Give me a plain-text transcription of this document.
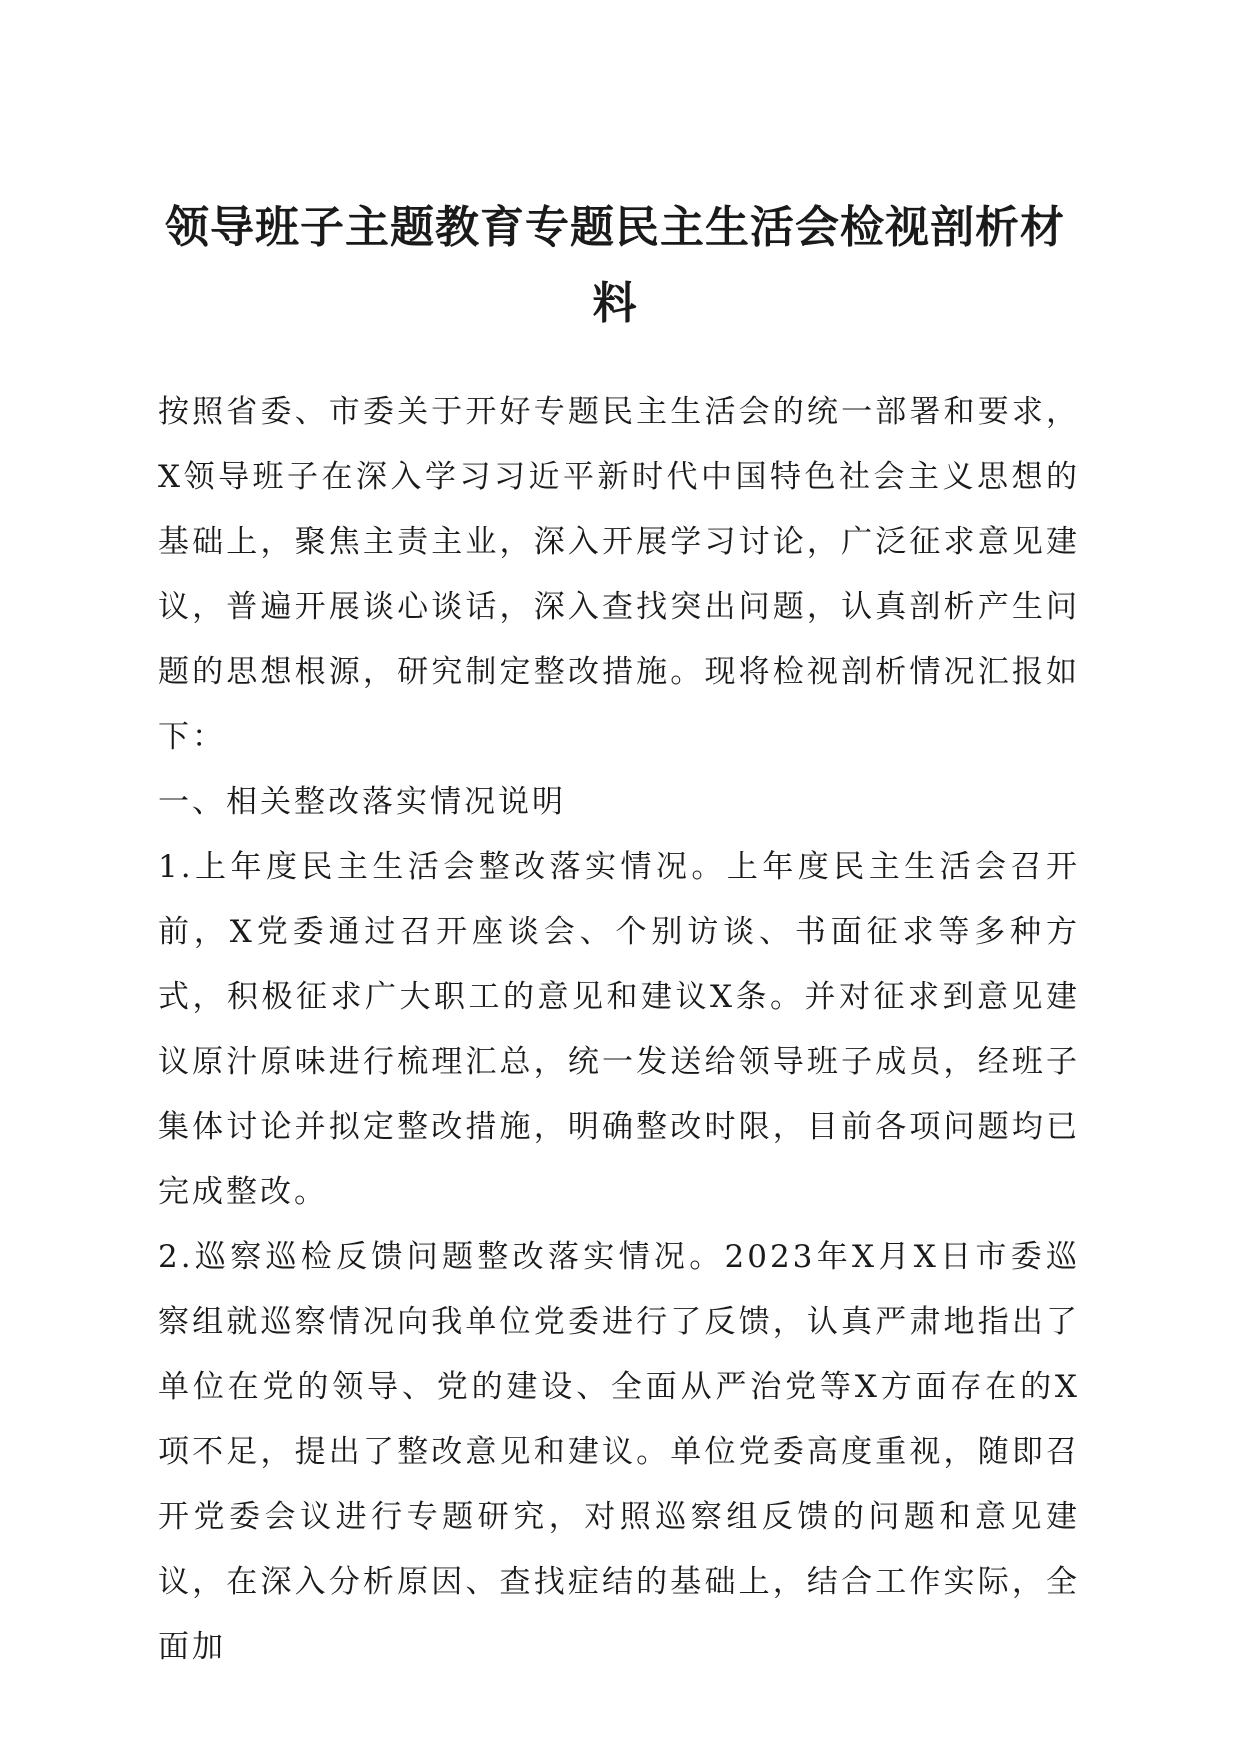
领导班子主题教育专题民主生活会检视剖析材料

按照省委、市委关于开好专题民主生活会的统一部署和要求，X领导班子在深入学习习近平新时代中国特色社会主义思想的基础上，聚焦主责主业，深入开展学习讨论，广泛征求意见建议，普遍开展谈心谈话，深入查找突出问题，认真剖析产生问题的思想根源，研究制定整改措施。现将检视剖析情况汇报如下：

一、相关整改落实情况说明

1.上年度民主生活会整改落实情况。上年度民主生活会召开前，X党委通过召开座谈会、个别访谈、书面征求等多种方式，积极征求广大职工的意见和建议X条。并对征求到意见建议原汁原味进行梳理汇总，统一发送给领导班子成员，经班子集体讨论并拟定整改措施，明确整改时限，目前各项问题均已完成整改。

2.巡察巡检反馈问题整改落实情况。2023年X月X日市委巡察组就巡察情况向我单位党委进行了反馈，认真严肃地指出了单位在党的领导、党的建设、全面从严治党等X方面存在的X项不足，提出了整改意见和建议。单位党委高度重视，随即召开党委会议进行专题研究，对照巡察组反馈的问题和意见建议，在深入分析原因、查找症结的基础上，结合工作实际，全面加
